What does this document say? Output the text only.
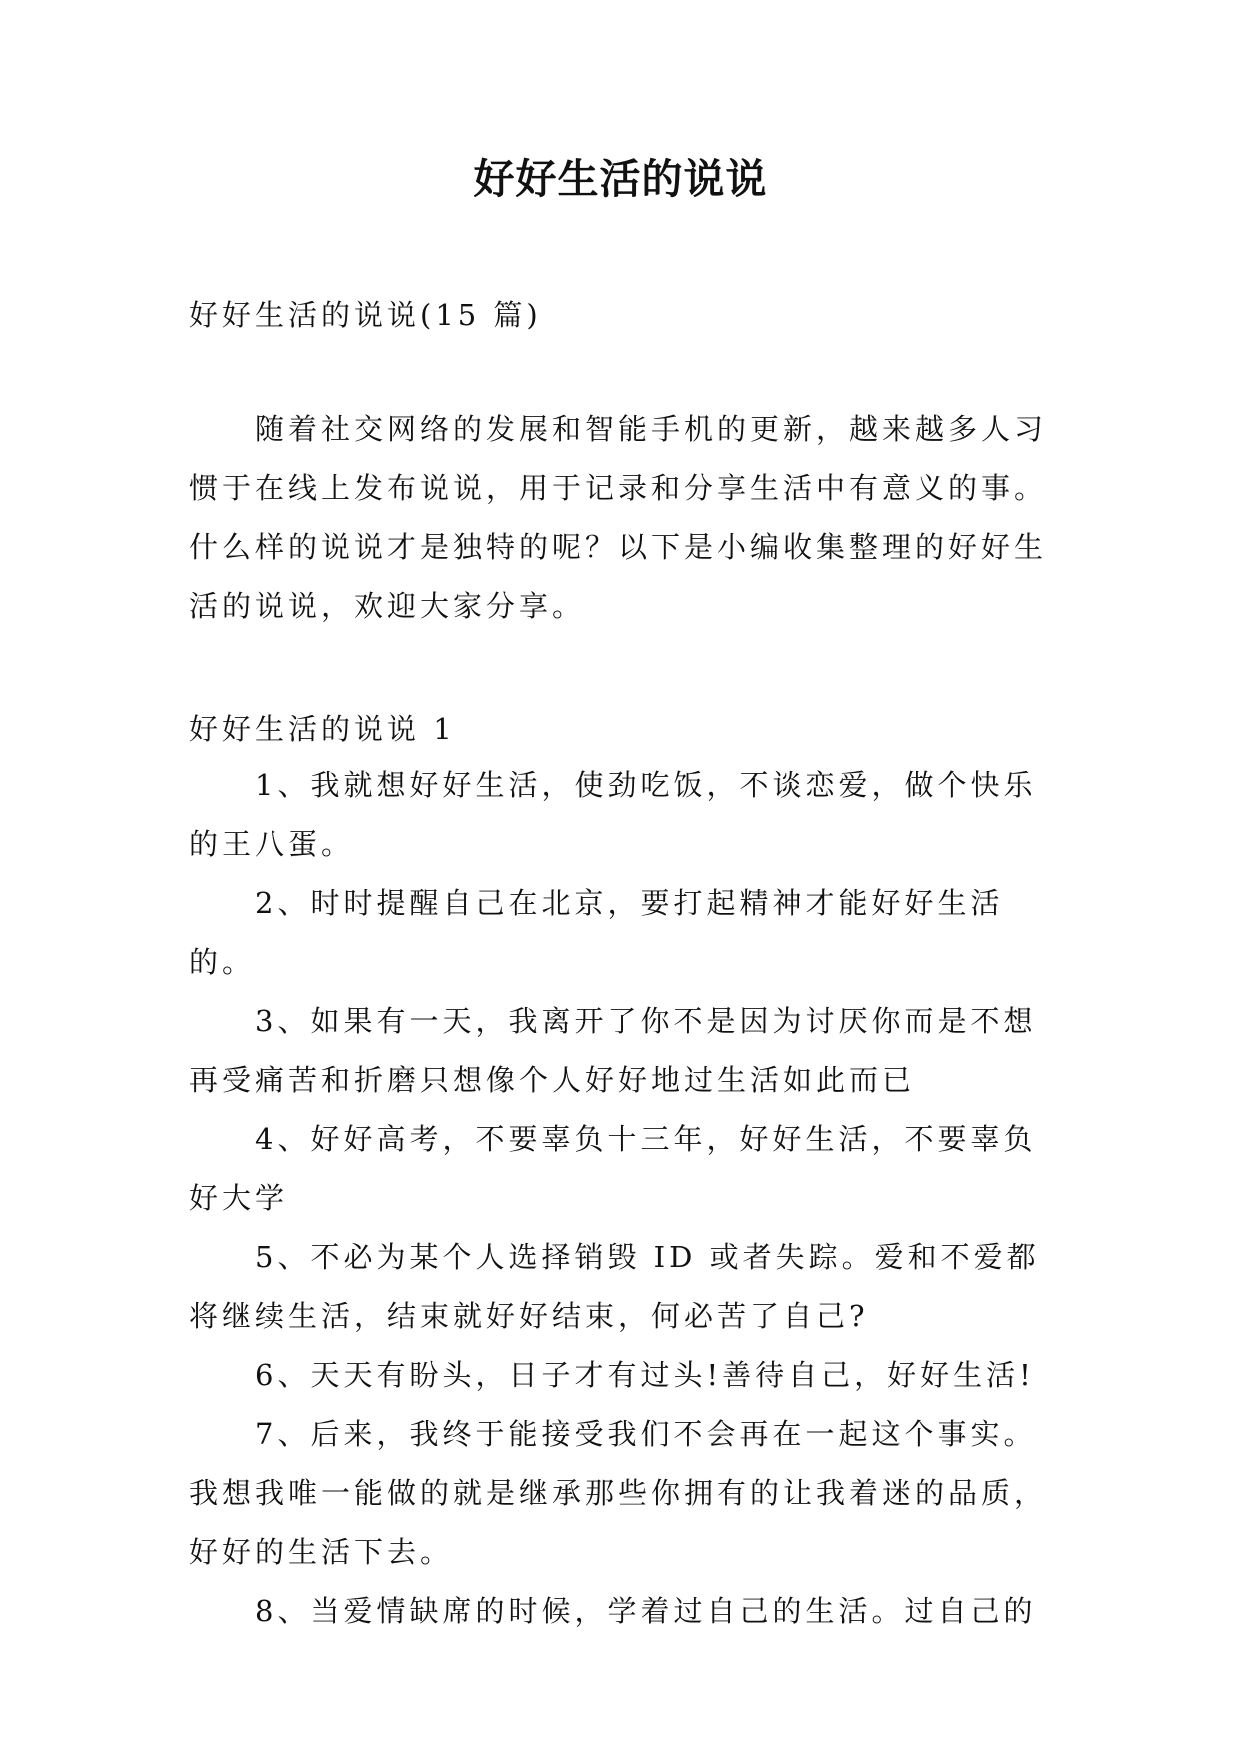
好好生活的说说

好好生活的说说(15 篇)

随着社交网络的发展和智能手机的更新，越来越多人习惯于在线上发布说说，用于记录和分享生活中有意义的事。什么样的说说才是独特的呢？以下是小编收集整理的好好生活的说说，欢迎大家分享。

好好生活的说说 1

1、我就想好好生活，使劲吃饭，不谈恋爱，做个快乐的王八蛋。

2、时时提醒自己在北京，要打起精神才能好好生活的。

3、如果有一天，我离开了你不是因为讨厌你而是不想再受痛苦和折磨只想像个人好好地过生活如此而已

4、好好高考，不要辜负十三年，好好生活，不要辜负好大学

5、不必为某个人选择销毁 ID 或者失踪。爱和不爱都将继续生活，结束就好好结束，何必苦了自己?

6、天天有盼头，日子才有过头!善待自己，好好生活!

7、后来，我终于能接受我们不会再在一起这个事实。我想我唯一能做的就是继承那些你拥有的让我着迷的品质，好好的生活下去。

8、当爱情缺席的时候，学着过自己的生活。过自己的
